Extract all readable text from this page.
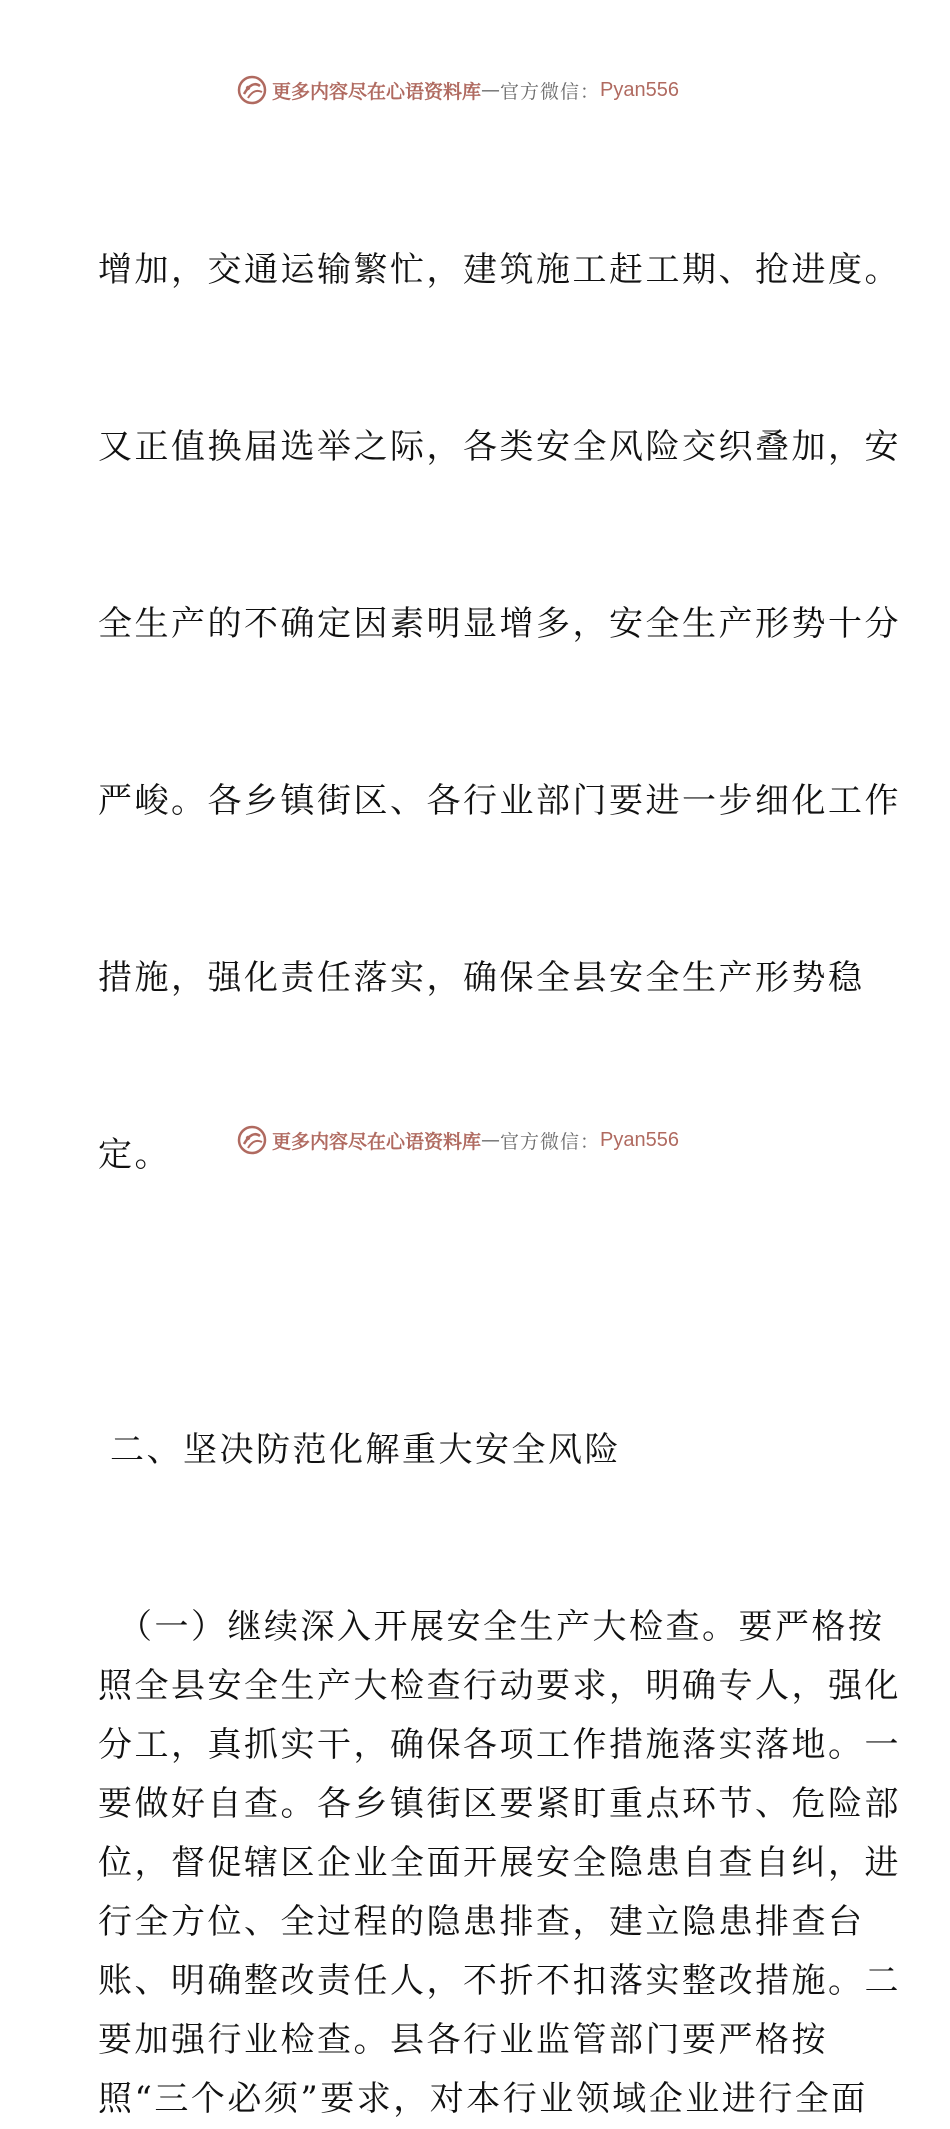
更多内容尽在心语资料库 — 官方微信： Pyan556

增加，交通运输繁忙，建筑施工赶工期、抢进度。

又正值换届选举之际，各类安全风险交织叠加，安

全生产的不确定因素明显增多，安全生产形势十分

严峻。各乡镇街区、各行业部门要进一步细化工作

措施，强化责任落实，确保全县安全生产形势稳

定。

二、坚决防范化解重大安全风险

（一）继续深入开展安全生产大检查。要严格按
照全县安全生产大检查行动要求，明确专人，强化
分工，真抓实干，确保各项工作措施落实落地。一
要做好自查。各乡镇街区要紧盯重点环节、危险部
位，督促辖区企业全面开展安全隐患自查自纠，进
行全方位、全过程的隐患排查，建立隐患排查台
账、明确整改责任人，不折不扣落实整改措施。二
要加强行业检查。县各行业监管部门要严格按
照“三个必须”要求，对本行业领域企业进行全面
更多内容尽在心语资料库 — 官方微信： Pyan556
